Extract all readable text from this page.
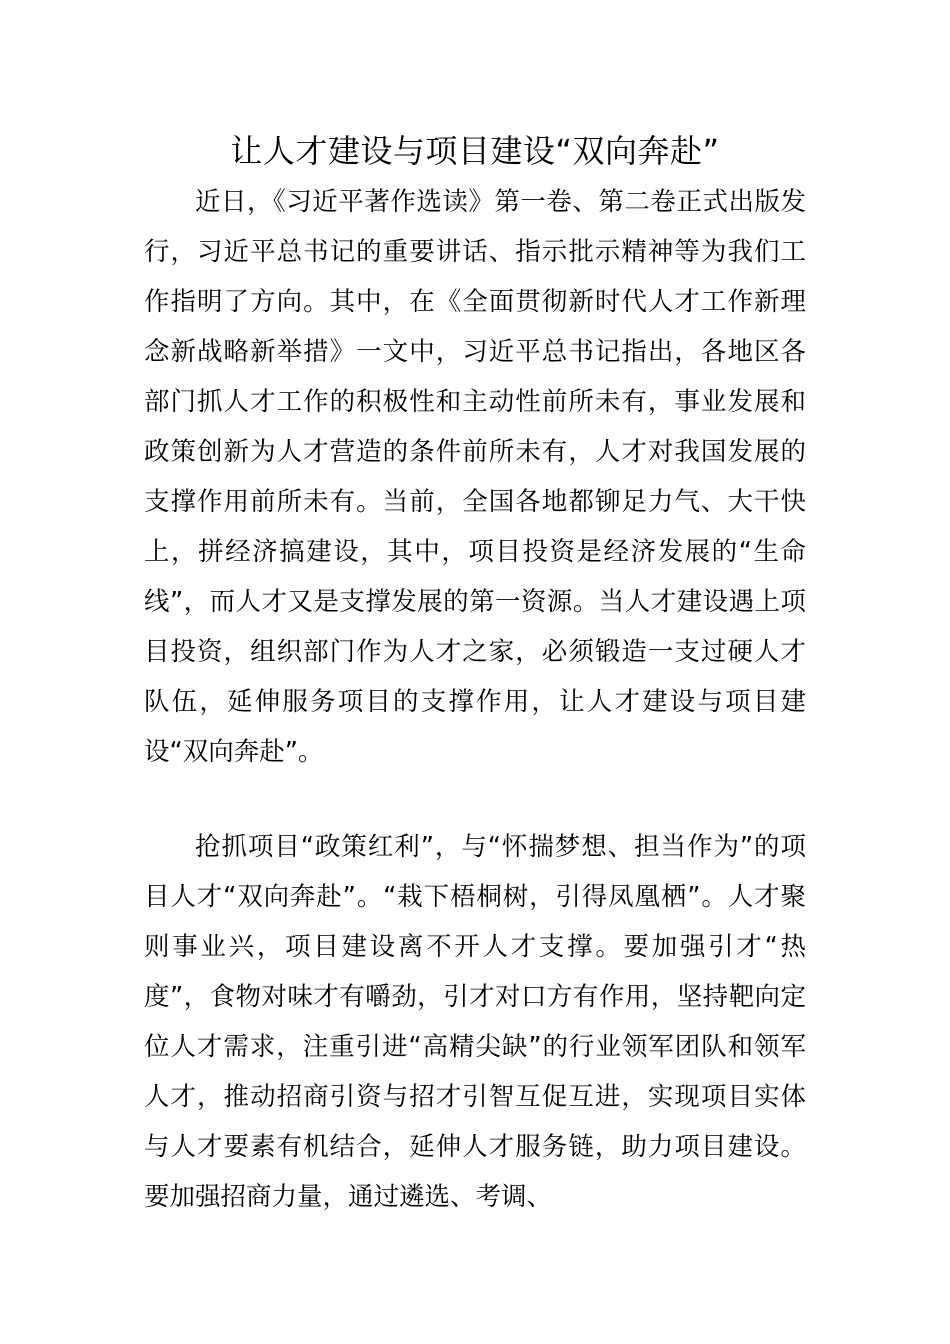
让人才建设与项目建设“双向奔赴”

近日，《习近平著作选读》第一卷、第二卷正式出版发行，习近平总书记的重要讲话、指示批示精神等为我们工作指明了方向。其中，在《全面贯彻新时代人才工作新理念新战略新举措》一文中，习近平总书记指出，各地区各部门抓人才工作的积极性和主动性前所未有，事业发展和政策创新为人才营造的条件前所未有，人才对我国发展的支撑作用前所未有。当前，全国各地都铆足力气、大干快上，拼经济搞建设，其中，项目投资是经济发展的“生命线”，而人才又是支撑发展的第一资源。当人才建设遇上项目投资，组织部门作为人才之家，必须锻造一支过硬人才队伍，延伸服务项目的支撑作用，让人才建设与项目建设“双向奔赴”。

抢抓项目“政策红利”，与“怀揣梦想、担当作为”的项目人才“双向奔赴”。“栽下梧桐树，引得凤凰栖”。人才聚则事业兴，项目建设离不开人才支撑。要加强引才“热度”，食物对味才有嚼劲，引才对口方有作用，坚持靶向定位人才需求，注重引进“高精尖缺”的行业领军团队和领军人才，推动招商引资与招才引智互促互进，实现项目实体与人才要素有机结合，延伸人才服务链，助力项目建设。要加强招商力量，通过遴选、考调、
